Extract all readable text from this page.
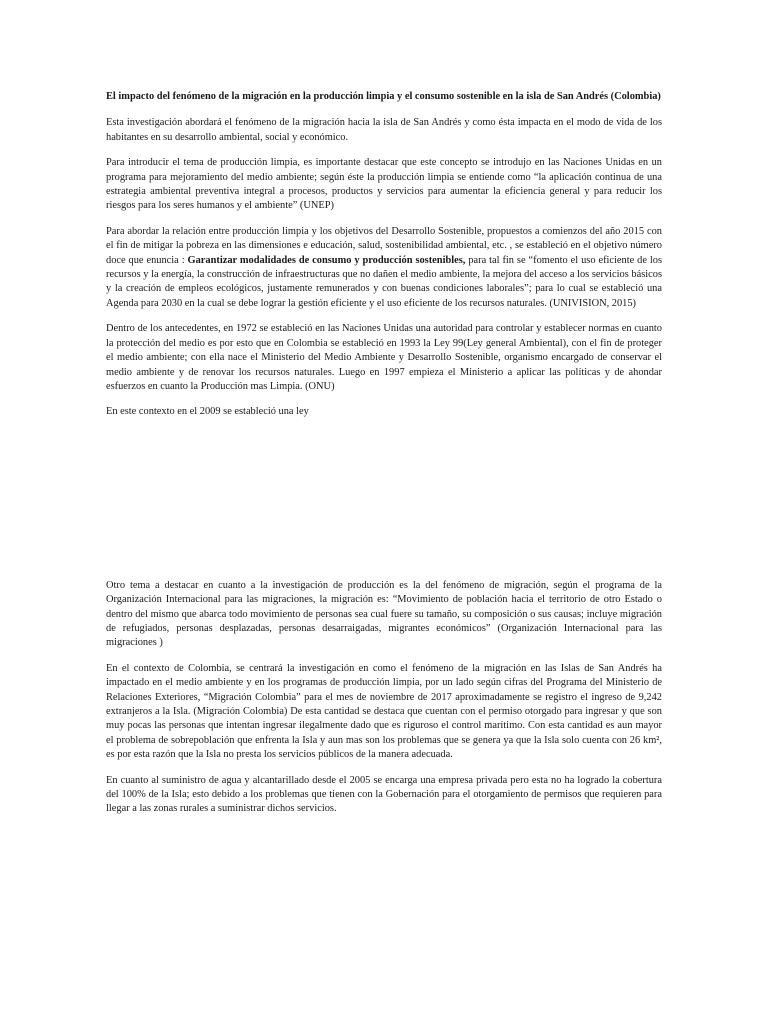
El impacto del fenómeno de la migración en la producción limpia y el consumo sostenible en la isla de San Andrés (Colombia)

Esta investigación abordará el fenómeno de la migración hacia la isla de San Andrés y como ésta impacta en el modo de vida de los habitantes en su desarrollo ambiental, social y económico.

Para introducir el tema de producción limpia, es importante destacar que este concepto se introdujo en las Naciones Unidas en un programa para mejoramiento del medio ambiente; según éste la producción limpia se entiende como “la aplicación continua de una estrategia ambiental preventiva integral a procesos, productos y servicios para aumentar la eficiencia general y para reducir los riesgos para los seres humanos y el ambiente” (UNEP)

Para abordar la relación entre producción limpia y los objetivos del Desarrollo Sostenible, propuestos a comienzos del año 2015 con el fin de mitigar la pobreza en las dimensiones e educación, salud, sostenibilidad ambiental, etc. , se estableció en el objetivo número doce que enuncia : Garantizar modalidades de consumo y producción sostenibles, para tal fin se “fomento el uso eficiente de los recursos y la energía, la construcción de infraestructuras que no dañen el medio ambiente, la mejora del acceso a los servicios básicos y la creación de empleos ecológicos, justamente remunerados y con buenas condiciones laborales”; para lo cual se estableció una Agenda para 2030 en la cual se debe lograr la gestión eficiente y el uso eficiente de los recursos naturales. (UNIVISION, 2015)

Dentro de los antecedentes, en 1972 se estableció en las Naciones Unidas una autoridad para controlar y establecer normas en cuanto la protección del medio es por esto que en Colombia se estableció en 1993 la Ley 99(Ley general Ambiental), con el fin de proteger el medio ambiente; con ella nace el Ministerio del Medio Ambiente y Desarrollo Sostenible, organismo encargado de conservar el medio ambiente y de renovar los recursos naturales. Luego en 1997 empieza el Ministerio a aplicar las políticas y de ahondar esfuerzos en cuanto la Producción mas Limpia. (ONU)

En este contexto en el 2009 se estableció una ley

Otro tema a destacar en cuanto a la investigación de producción es la del fenómeno de migración, según el programa de la Organización Internacional para las migraciones, la migración es: “Movimiento de población hacia el territorio de otro Estado o dentro del mismo que abarca todo movimiento de personas sea cual fuere su tamaño, su composición o sus causas; incluye migración de refugiados, personas desplazadas, personas desarraigadas, migrantes económicos” (Organización Internacional para las migraciones )

En el contexto de Colombia, se centrará la investigación en como el fenómeno de la migración en las Islas de San Andrés ha impactado en el medio ambiente y en los programas de producción limpia, por un lado según cifras del Programa del Ministerio de Relaciones Exteriores, “Migración Colombia” para el mes de noviembre de 2017 aproximadamente se registro el ingreso de 9,242 extranjeros a la Isla. (Migración Colombia) De esta cantidad se destaca que cuentan con el permiso otorgado para ingresar y que son muy pocas las personas que intentan ingresar ilegalmente dado que es riguroso el control marítimo. Con esta cantidad es aun mayor el problema de sobrepoblación que enfrenta la Isla y aun mas son los problemas que se genera ya que la Isla solo cuenta con 26 km², es por esta razón que la Isla no presta los servicios públicos de la manera adecuada.

En cuanto al suministro de agua y alcantarillado desde el 2005 se encarga una empresa privada pero esta no ha logrado la cobertura del 100% de la Isla; esto debido a los problemas que tienen con la Gobernación para el otorgamiento de permisos que requieren para llegar a las zonas rurales a suministrar dichos servicios.
